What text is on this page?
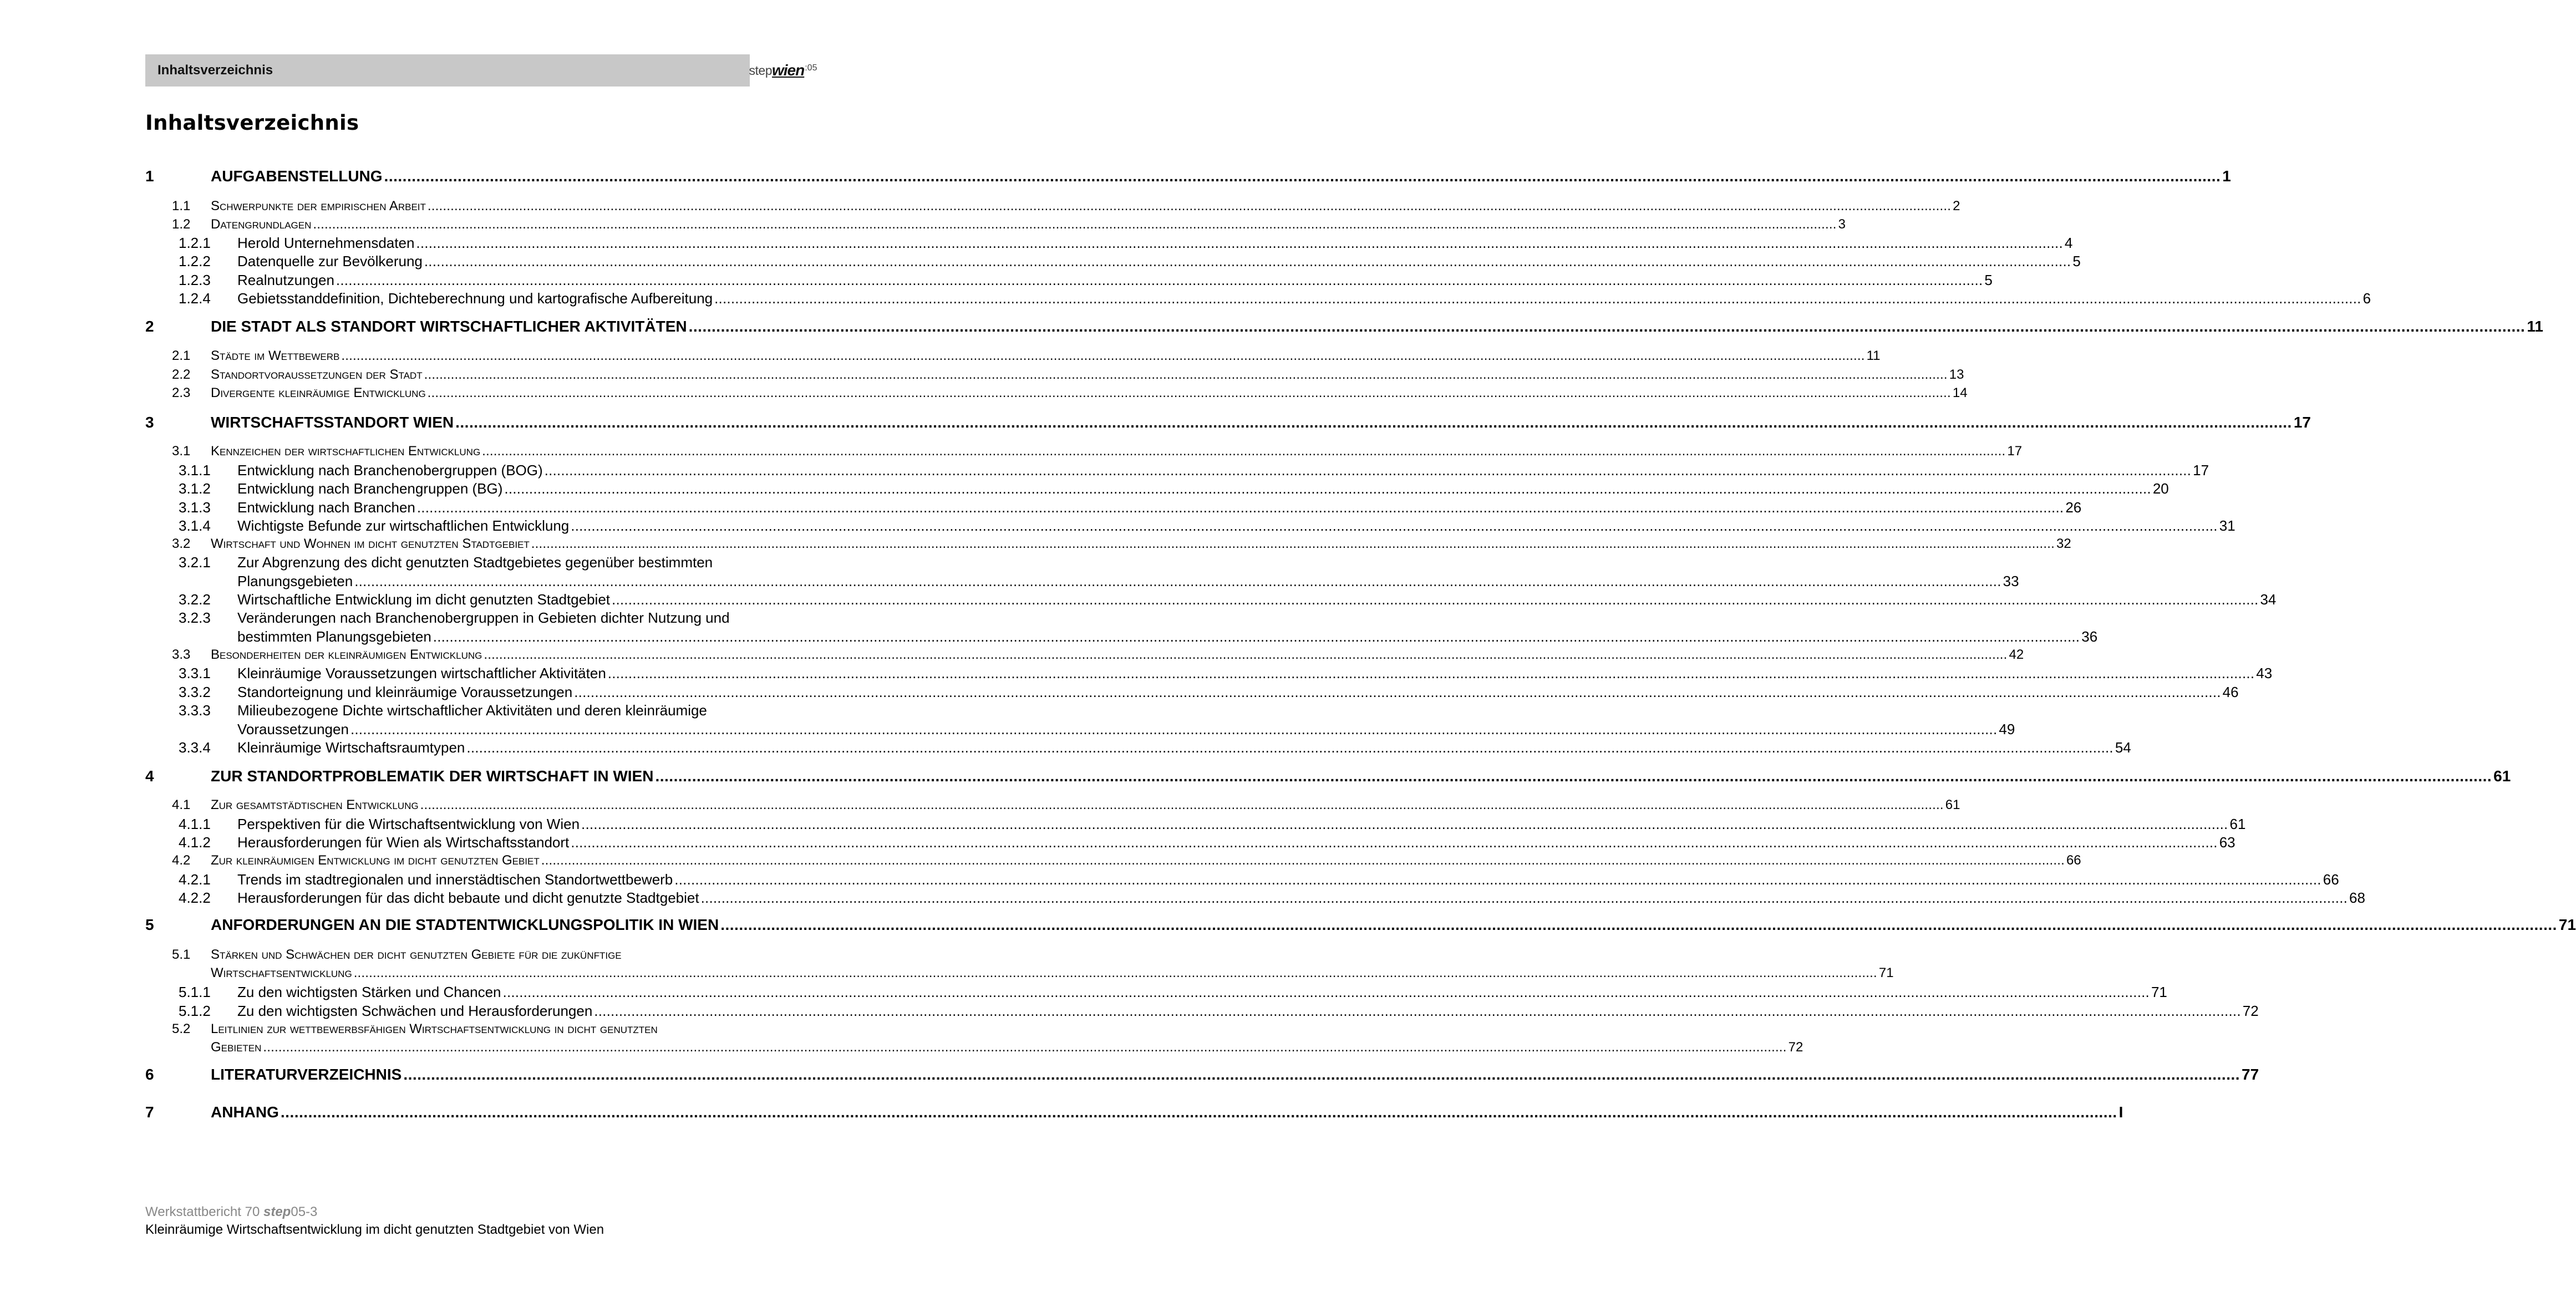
Inhaltsverzeichnis	step wien :05
Inhaltsverzeichnis
1	AUFGABENSTELLUNG ................................................................................................................................................................................................................................................................................................................................................................................................................ 1
1.1 Schwerpunkte der empirischen Arbeit ................................................................................................................................................................................................................................................................................................................................................................................................................ 2
1.2 Datengrundlagen ................................................................................................................................................................................................................................................................................................................................................................................................................ 3
1.2.1 Herold Unternehmensdaten ................................................................................................................................................................................................................................................................................................................................................................................................................ 4
1.2.2 Datenquelle zur Bevölkerung ................................................................................................................................................................................................................................................................................................................................................................................................................ 5
1.2.3 Realnutzungen ................................................................................................................................................................................................................................................................................................................................................................................................................ 5
1.2.4 Gebietsstanddefinition, Dichteberechnung und kartografische Aufbereitung ................................................................................................................................................................................................................................................................................................................................................................................................................ 6
2	DIE STADT ALS STANDORT WIRTSCHAFTLICHER AKTIVITÄTEN ................................................................................................................................................................................................................................................................................................................................................................................................................ 11
2.1 Städte im Wettbewerb ................................................................................................................................................................................................................................................................................................................................................................................................................ 11
2.2 Standortvoraussetzungen der Stadt ................................................................................................................................................................................................................................................................................................................................................................................................................ 13
2.3 Divergente kleinräumige Entwicklung ................................................................................................................................................................................................................................................................................................................................................................................................................ 14
3	WIRTSCHAFTSSTANDORT WIEN ................................................................................................................................................................................................................................................................................................................................................................................................................ 17
3.1 Kennzeichen der wirtschaftlichen Entwicklung ................................................................................................................................................................................................................................................................................................................................................................................................................ 17
3.1.1 Entwicklung nach Branchenobergruppen (BOG) ................................................................................................................................................................................................................................................................................................................................................................................................................ 17
3.1.2 Entwicklung nach Branchengruppen (BG) ................................................................................................................................................................................................................................................................................................................................................................................................................ 20
3.1.3 Entwicklung nach Branchen ................................................................................................................................................................................................................................................................................................................................................................................................................ 26
3.1.4 Wichtigste Befunde zur wirtschaftlichen Entwicklung ................................................................................................................................................................................................................................................................................................................................................................................................................ 31
3.2 Wirtschaft und Wohnen im dicht genutzten Stadtgebiet ................................................................................................................................................................................................................................................................................................................................................................................................................ 32
3.2.1 Zur Abgrenzung des dicht genutzten Stadtgebietes gegenüber bestimmten
Planungsgebieten ................................................................................................................................................................................................................................................................................................................................................................................................................ 33
3.2.2 Wirtschaftliche Entwicklung im dicht genutzten Stadtgebiet ................................................................................................................................................................................................................................................................................................................................................................................................................ 34
3.2.3 Veränderungen nach Branchenobergruppen in Gebieten dichter Nutzung und
bestimmten Planungsgebieten ................................................................................................................................................................................................................................................................................................................................................................................................................ 36
3.3 Besonderheiten der kleinräumigen Entwicklung ................................................................................................................................................................................................................................................................................................................................................................................................................ 42
3.3.1 Kleinräumige Voraussetzungen wirtschaftlicher Aktivitäten ................................................................................................................................................................................................................................................................................................................................................................................................................ 43
3.3.2 Standorteignung und kleinräumige Voraussetzungen ................................................................................................................................................................................................................................................................................................................................................................................................................ 46
3.3.3 Milieubezogene Dichte wirtschaftlicher Aktivitäten und deren kleinräumige
Voraussetzungen ................................................................................................................................................................................................................................................................................................................................................................................................................ 49
3.3.4 Kleinräumige Wirtschaftsraumtypen ................................................................................................................................................................................................................................................................................................................................................................................................................ 54
4	ZUR STANDORTPROBLEMATIK DER WIRTSCHAFT IN WIEN ................................................................................................................................................................................................................................................................................................................................................................................................................ 61
4.1 Zur gesamtstädtischen Entwicklung ................................................................................................................................................................................................................................................................................................................................................................................................................ 61
4.1.1 Perspektiven für die Wirtschaftsentwicklung von Wien ................................................................................................................................................................................................................................................................................................................................................................................................................ 61
4.1.2 Herausforderungen für Wien als Wirtschaftsstandort ................................................................................................................................................................................................................................................................................................................................................................................................................ 63
4.2 Zur kleinräumigen Entwicklung im dicht genutzten Gebiet ................................................................................................................................................................................................................................................................................................................................................................................................................ 66
4.2.1 Trends im stadtregionalen und innerstädtischen Standortwettbewerb ................................................................................................................................................................................................................................................................................................................................................................................................................ 66
4.2.2 Herausforderungen für das dicht bebaute und dicht genutzte Stadtgebiet ................................................................................................................................................................................................................................................................................................................................................................................................................ 68
5	ANFORDERUNGEN AN DIE STADTENTWICKLUNGSPOLITIK IN WIEN ................................................................................................................................................................................................................................................................................................................................................................................................................ 71
5.1 Stärken und Schwächen der dicht genutzten Gebiete für die zukünftige
Wirtschaftsentwicklung ................................................................................................................................................................................................................................................................................................................................................................................................................ 71
5.1.1 Zu den wichtigsten Stärken und Chancen ................................................................................................................................................................................................................................................................................................................................................................................................................ 71
5.1.2 Zu den wichtigsten Schwächen und Herausforderungen ................................................................................................................................................................................................................................................................................................................................................................................................................ 72
5.2 Leitlinien zur wettbewerbsfähigen Wirtschaftsentwicklung in dicht genutzten
Gebieten ................................................................................................................................................................................................................................................................................................................................................................................................................ 72
6	LITERATURVERZEICHNIS ................................................................................................................................................................................................................................................................................................................................................................................................................ 77
7	ANHANG ................................................................................................................................................................................................................................................................................................................................................................................................................ I
Werkstattbericht 70 step05-3
Kleinräumige Wirtschaftsentwicklung im dicht genutzten Stadtgebiet von Wien
